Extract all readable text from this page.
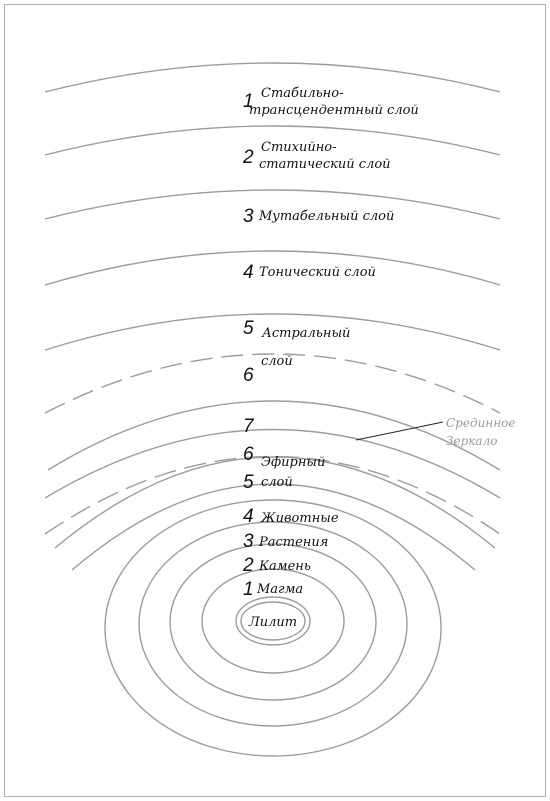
1 Стабильно-
трансцендентный слой
2 Стихийно-
статический слой
3 Мутабельный слой
4 Тонический слой
5 Астральный
6
слой
Срединное
Зеркало
7
6 Эфирный
5 слой
4 Животные
3 Растения
2 Камень
1 Магма
Лилит
